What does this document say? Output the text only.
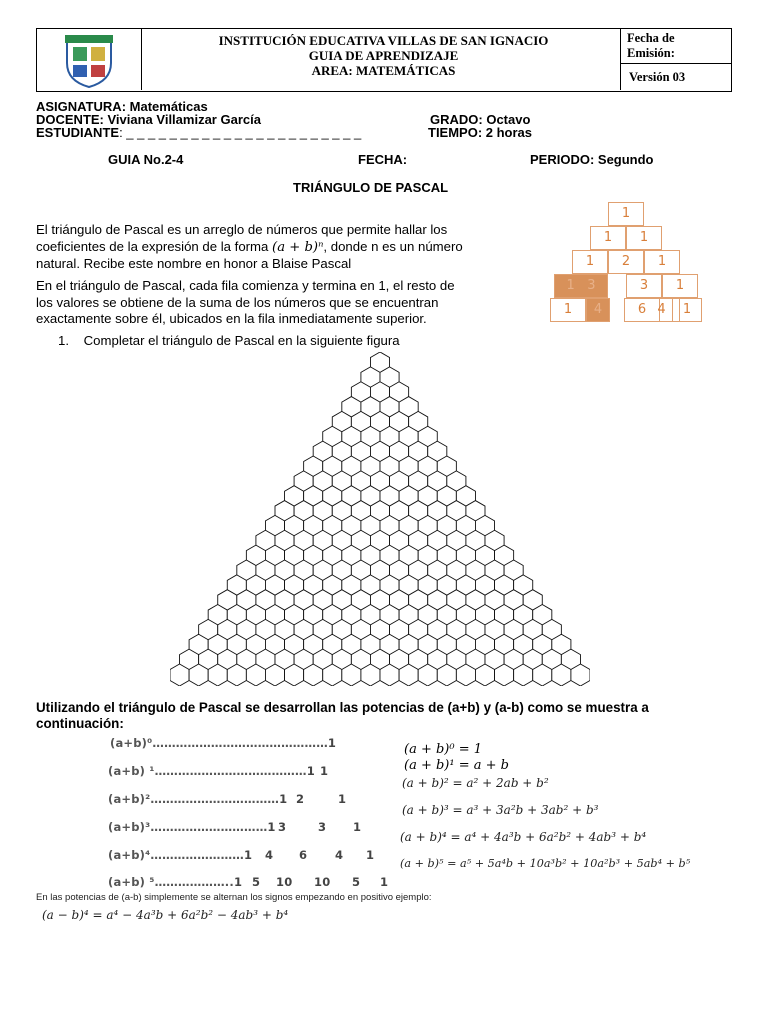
INSTITUCIÓN EDUCATIVA VILLAS DE SAN IGNACIO
GUIA DE APRENDIZAJE
AREA: MATEMÁTICAS
Fecha de
Emisión:
Versión 03
ASIGNATURA: Matemáticas
DOCENTE: Viviana Villamizar García
ESTUDIANTE: _ _ _ _ _ _ _ _ _ _ _ _ _ _ _ _ _ _ _ _ _ _
GRADO: Octavo
TIEMPO: 2 horas
GUIA No.2-4	FECHA:	PERIODO: Segundo
TRIÁNGULO DE PASCAL
El triángulo de Pascal es un arreglo de números que permite hallar los
coeficientes de la expresión de la forma (a + b)ⁿ, donde n es un número
natural. Recibe este nombre en honor a Blaise Pascal
En el triángulo de Pascal, cada fila comienza y termina en 1, el resto de
los valores se obtiene de la suma de los números que se encuentran
exactamente sobre él, ubicados en la fila inmediatamente superior.
1
1	1
1	2	1
1 3	3	1
1	4	6 4	1
1. Completar el triángulo de Pascal en la siguiente figura
Utilizando el triángulo de Pascal se desarrollan las potencias de (a+b) y (a-b) como se muestra a
continuación:
(a+b)⁰………………………………………1
(a+b) ¹…………………………………1 1
(a+b)²……………………………1 2	1
(a+b)³…………………………1 3	3 1
(a+b)⁴……………………1 4 6 4 1
(a+b) ⁵………………..1 5 10 10 5 1
(a + b)⁰ = 1
(a + b)¹ = a + b
(a + b)² = a² + 2ab + b²
(a + b)³ = a³ + 3a²b + 3ab² + b³
(a + b)⁴ = a⁴ + 4a³b + 6a²b² + 4ab³ + b⁴
(a + b)⁵ = a⁵ + 5a⁴b + 10a³b² + 10a²b³ + 5ab⁴ + b⁵
En las potencias de (a-b) simplemente se alternan los signos empezando en positivo ejemplo:
(a − b)⁴ = a⁴ − 4a³b + 6a²b² − 4ab³ + b⁴
